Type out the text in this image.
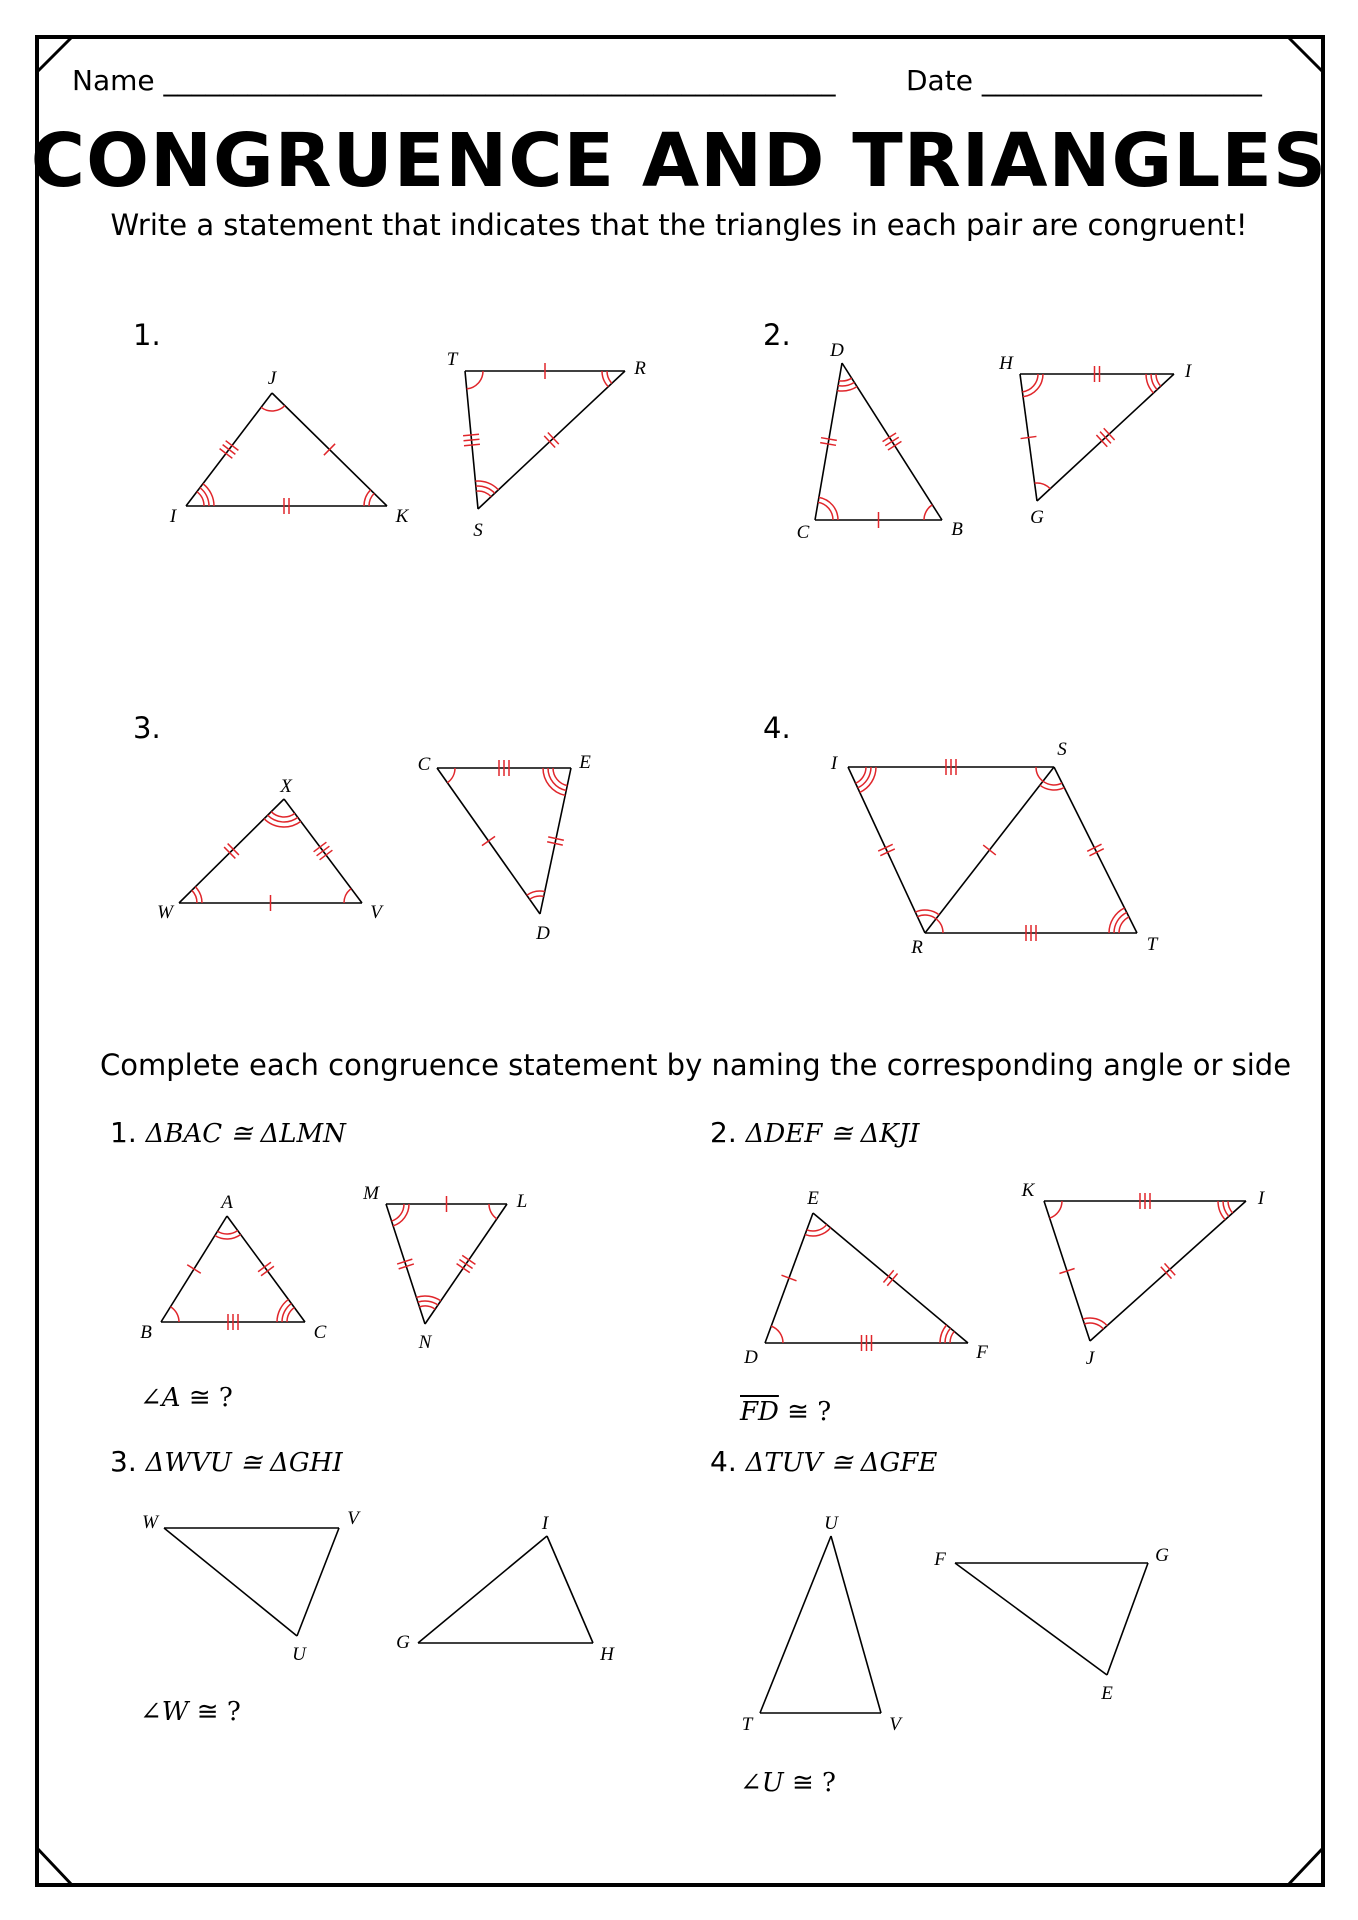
Name ________________________________________________	Date ____________________
CONGRUENCE AND TRIANGLES
Write a statement that indicates that the triangles in each pair are congruent!
1.	2.
3.	4.
Complete each congruence statement by naming the corresponding angle or side
1. ΔBAC ≅ ΔLMN	2. ΔDEF ≅ ΔKJI
3. ΔWVU ≅ ΔGHI	4. ΔTUV ≅ ΔGFE
∠A ≅ ?	$\overline{FD}$ ≅ ?
∠W ≅ ?
∠U ≅ ?
I
J
K
T	R
S
D
C	B
H	I
G
W
X
V
C	E
D
I
S
R	T
A
B	C
M	L
N
D
E
F
K	I
J
W	V
U
G
H
I	U
T	V
F	G
E
